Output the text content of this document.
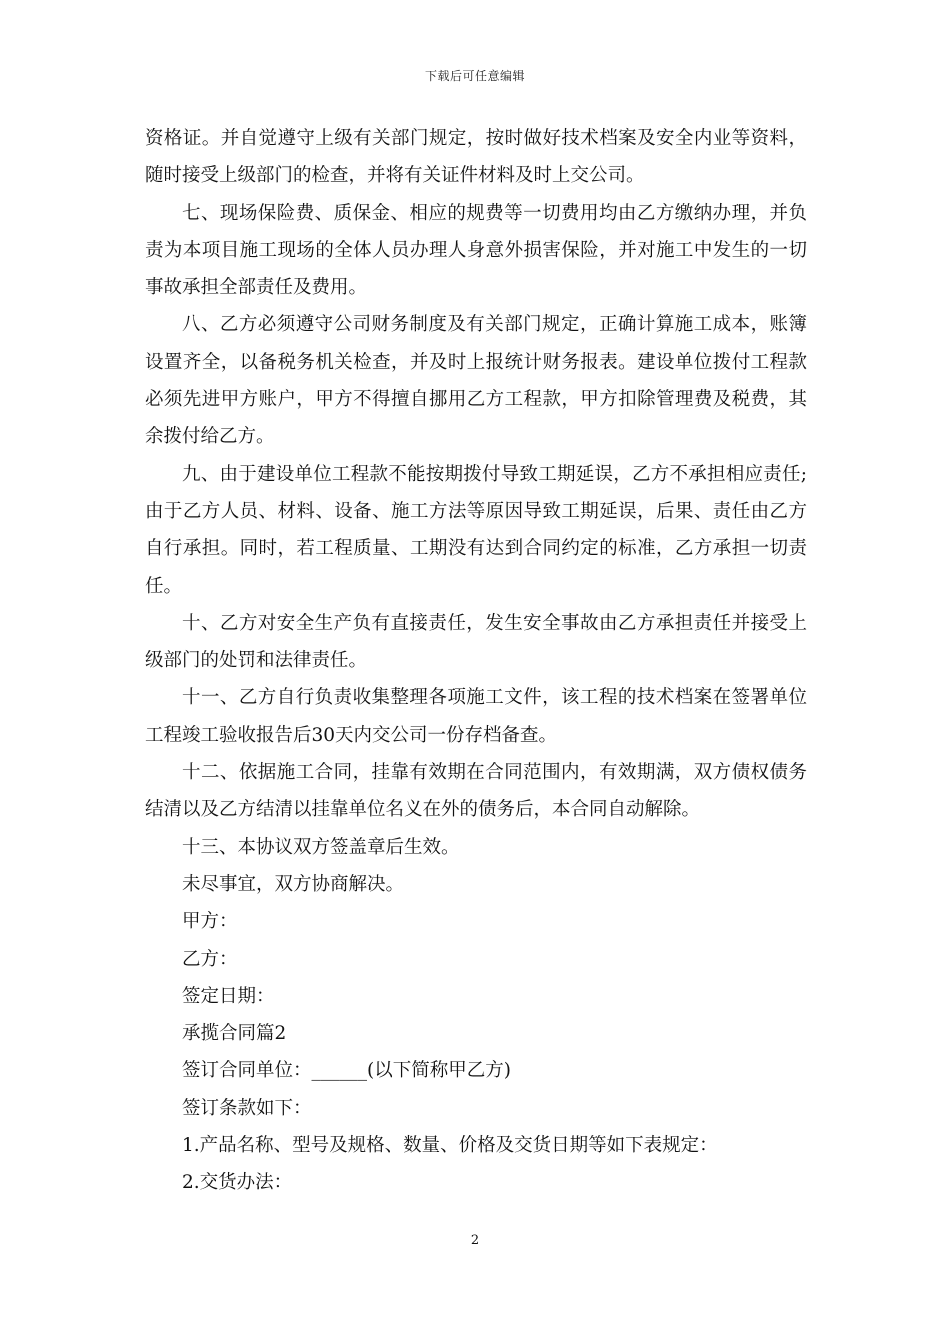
下载后可任意编辑

资格证。并自觉遵守上级有关部门规定，按时做好技术档案及安全内业等资料，随时接受上级部门的检查，并将有关证件材料及时上交公司。

七、现场保险费、质保金、相应的规费等一切费用均由乙方缴纳办理，并负责为本项目施工现场的全体人员办理人身意外损害保险，并对施工中发生的一切事故承担全部责任及费用。

八、乙方必须遵守公司财务制度及有关部门规定，正确计算施工成本，账簿设置齐全，以备税务机关检查，并及时上报统计财务报表。建设单位拨付工程款必须先进甲方账户，甲方不得擅自挪用乙方工程款，甲方扣除管理费及税费，其余拨付给乙方。

九、由于建设单位工程款不能按期拨付导致工期延误，乙方不承担相应责任;由于乙方人员、材料、设备、施工方法等原因导致工期延误，后果、责任由乙方自行承担。同时，若工程质量、工期没有达到合同约定的标准，乙方承担一切责任。

十、乙方对安全生产负有直接责任，发生安全事故由乙方承担责任并接受上级部门的处罚和法律责任。

十一、乙方自行负责收集整理各项施工文件，该工程的技术档案在签署单位工程竣工验收报告后30天内交公司一份存档备查。

十二、依据施工合同，挂靠有效期在合同范围内，有效期满，双方债权债务结清以及乙方结清以挂靠单位名义在外的债务后，本合同自动解除。

十三、本协议双方签盖章后生效。

未尽事宜，双方协商解决。

甲方：

乙方：

签定日期：

承揽合同篇2

签订合同单位：______(以下简称甲乙方)

签订条款如下：

1.产品名称、型号及规格、数量、价格及交货日期等如下表规定：

2.交货办法：

2
